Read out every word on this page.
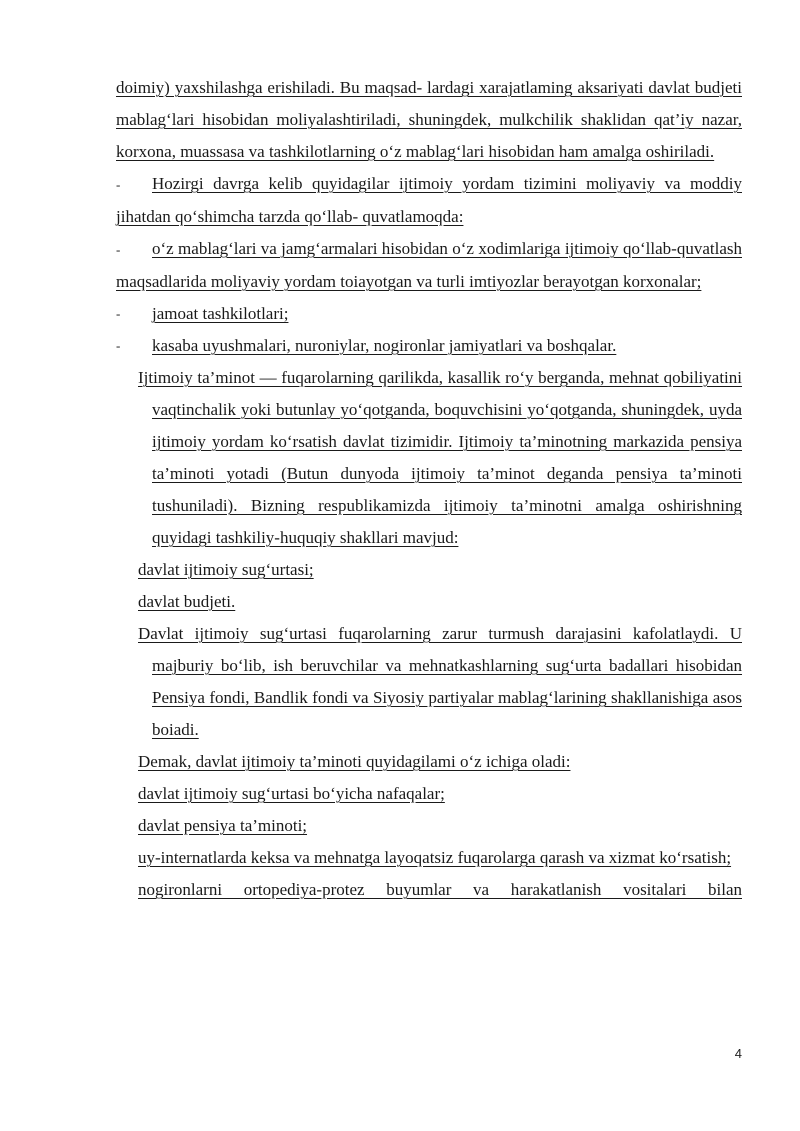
doimiy) yaxshilashga erishiladi. Bu maqsad- lardagi xarajatlaming aksariyati davlat budjeti mablag‘lari hisobidan moliyalashtiriladi, shuningdek, mulkchilik shaklidan qat’iy nazar, korxona, muassasa va tashkilotlarning o‘z mablag‘lari hisobidan ham amalga oshiriladi.

- Hozirgi davrga kelib quyidagilar ijtimoiy yordam tizimini moliyaviy va moddiy jihatdan qo‘shimcha tarzda qo‘llab- quvatlamoqda:

- o‘z mablag‘lari va jamg‘armalari hisobidan o‘z xodimlariga ijtimoiy qo‘llab-quvatlash maqsadlarida moliyaviy yordam toiayotgan va turli imtiyozlar berayotgan korxonalar;

- jamoat tashkilotlari;

- kasaba uyushmalari, nuroniylar, nogironlar jamiyatlari va boshqalar.

Ijtimoiy ta’minot — fuqarolarning qarilikda, kasallik ro‘y berganda, mehnat qobiliyatini vaqtinchalik yoki butunlay yo‘qotganda, boquvchisini yo‘qotganda, shuningdek, uyda ijtimoiy yordam ko‘rsatish davlat tizimidir. Ijtimoiy ta’minotning markazida pensiya ta’minoti yotadi (Butun dunyoda ijtimoiy ta’minot deganda pensiya ta’minoti tushuniladi). Bizning respublikamizda ijtimoiy ta’minotni amalga oshirishning quyidagi tashkiliy-huquqiy shakllari mavjud:

davlat ijtimoiy sug‘urtasi;

davlat budjeti.

Davlat ijtimoiy sug‘urtasi fuqarolarning zarur turmush darajasini kafolatlaydi. U majburiy bo‘lib, ish beruvchilar va mehnatkashlarning sug‘urta badallari hisobidan Pensiya fondi, Bandlik fondi va Siyosiy partiyalar mablag‘larining shakllanishiga asos boiadi.

Demak, davlat ijtimoiy ta’minoti quyidagilami o‘z ichiga oladi:

davlat ijtimoiy sug‘urtasi bo‘yicha nafaqalar;

davlat pensiya ta’minoti;

uy-internatlarda keksa va mehnatga layoqatsiz fuqarolarga qarash va xizmat ko‘rsatish;

nogironlarni ortopediya-protez buyumlar va harakatlanish vositalari bilan

4
